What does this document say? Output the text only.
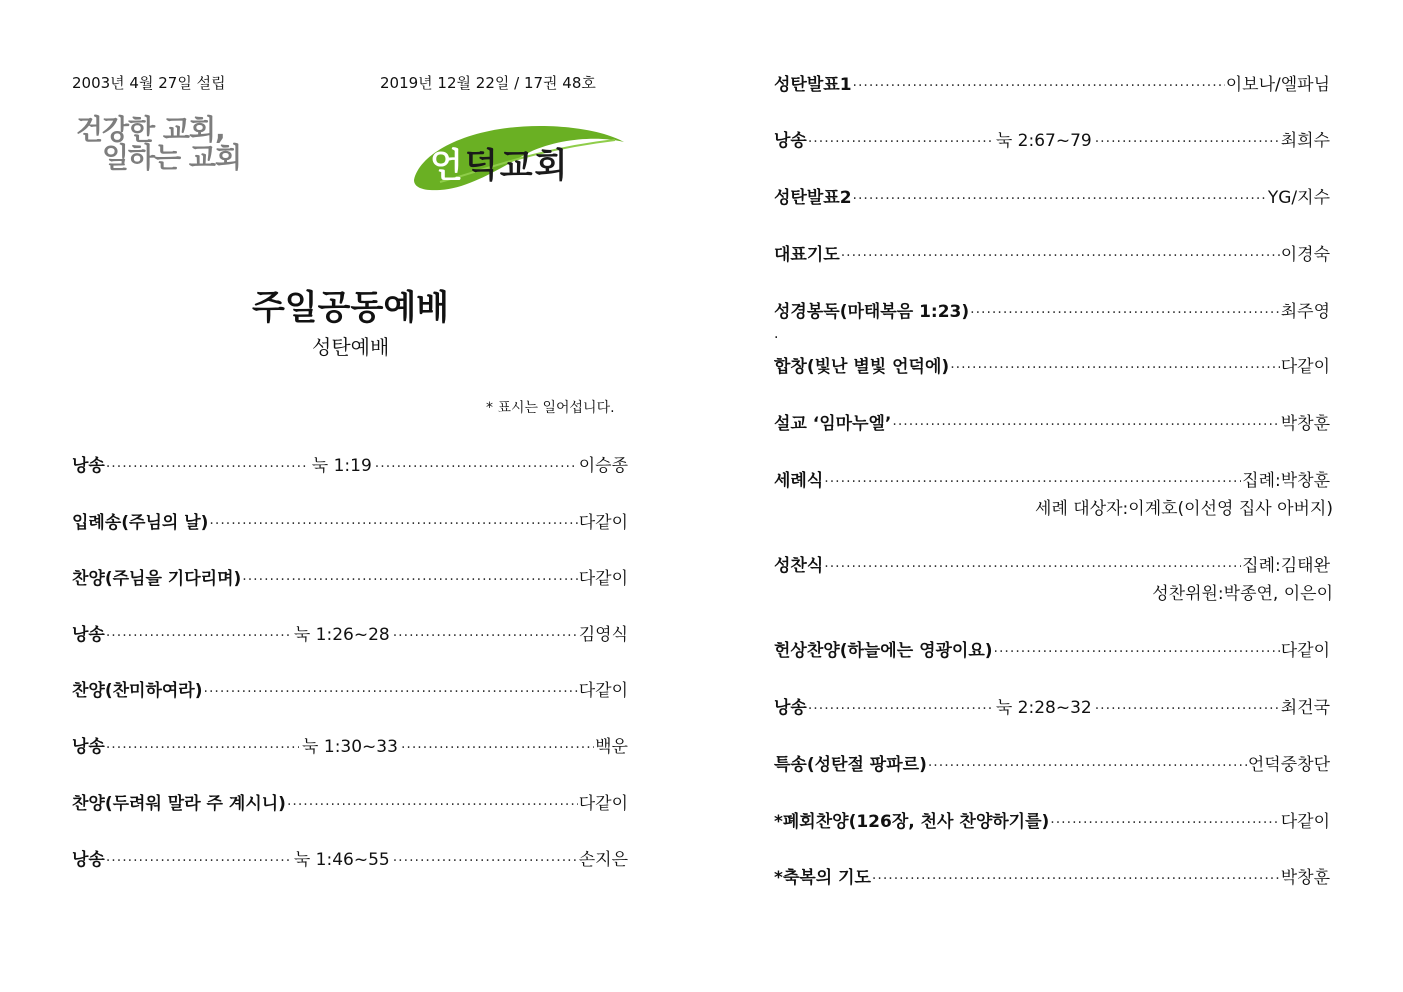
2003년 4월 27일 설립	2019년 12월 22일 / 17권 48호
건강한 교회,
일하는 교회	언덕교회
주일공동예배
성탄예배
* 표시는 일어섭니다.
낭송 ·····	눅 1:19 ·····	이승종
입례송(주님의 날) ·····	다같이
찬양(주님을 기다리며) ·····	다같이
낭송 ·····	눅 1:26~28 ·····	김영식
찬양(찬미하여라) ·····	다같이
낭송 ·····	눅 1:30~33 ·····	백운
찬양(두려워 말라 주 계시니) ·····	다같이
낭송 ·····	눅 1:46~55 ·····	손지은
성탄발표1 ·····	이보나/엘파님
낭송 ·····	눅 2:67~79 ·····	최희수
성탄발표2 ·····	YG/지수
대표기도 ·····	이경숙
성경봉독(마태복음 1:23) ·····	최주영
합창(빛난 별빛 언덕에) ·····	다같이
설교 ‘임마누엘’ ·····	박창훈
세례식 ·····	집례:박창훈
세례 대상자:이계호(이선영 집사 아버지)
성찬식 ·····	집례:김태완
성찬위원:박종연, 이은이
헌상찬양(하늘에는 영광이요) ·····	다같이
낭송 ·····	눅 2:28~32 ·····	최건국
특송(성탄절 팡파르) ·····	언덕중창단
*폐회찬양(126장, 천사 찬양하기를) ·····	다같이
*축복의 기도 ·····	박창훈
.
